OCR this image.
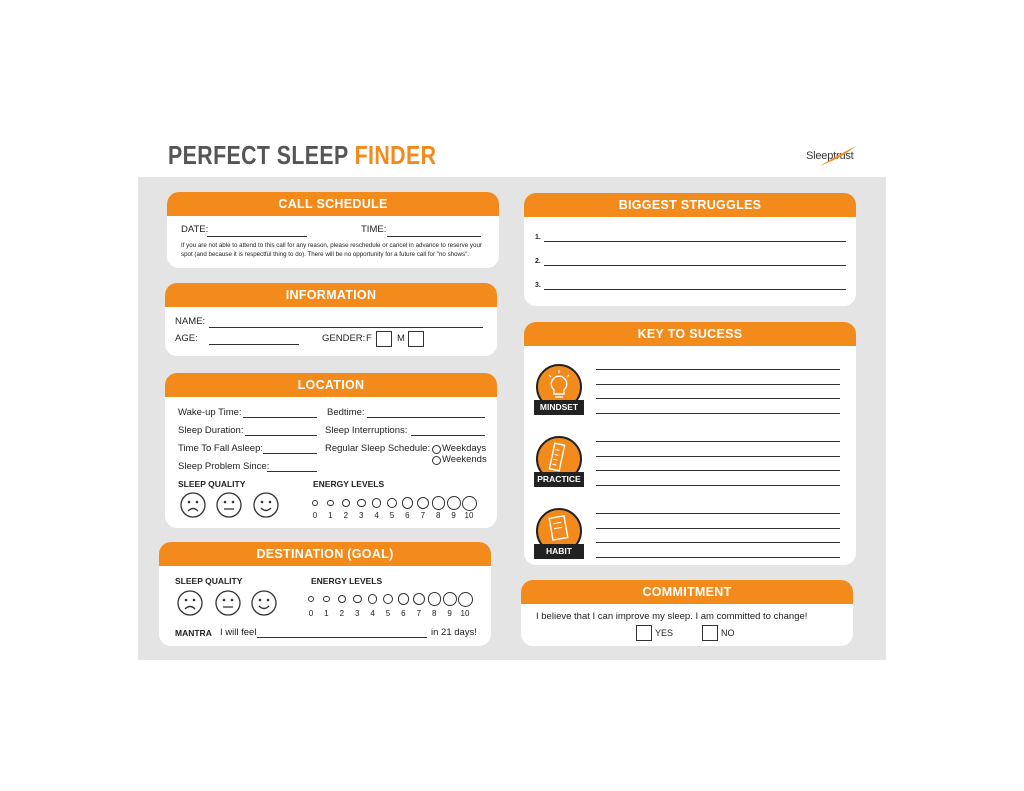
PERFECT SLEEP FINDER	Sleeptrust
CALL SCHEDULE
DATE:	TIME:
If you are not able to attend to this call for any reason, please reschedule or cancel in advance to reserve your spot (and because it is respectful thing to do). There will be no opportunity for a future call for "no shows".
INFORMATION
NAME:
AGE:	GENDER: F	M
LOCATION
Wake-up Time:	Bedtime:
Sleep Duration:	Sleep Interruptions:
Time To Fall Asleep:	Regular Sleep Schedule: Weekdays
Weekends
Sleep Problem Since:
SLEEP QUALITY	ENERGY LEVELS
0	1	2	3	4	5	6	7	8	9	10
DESTINATION (GOAL)
SLEEP QUALITY	ENERGY LEVELS
0	1	2	3	4	5	6	7	8	9	10
MANTRA I will feel	in 21 days!
BIGGEST STRUGGLES
1.
2.
3.
KEY TO SUCESS
MINDSET
PRACTICE
HABIT
COMMITMENT
I believe that I can improve my sleep. I am committed to change!
YES	NO
